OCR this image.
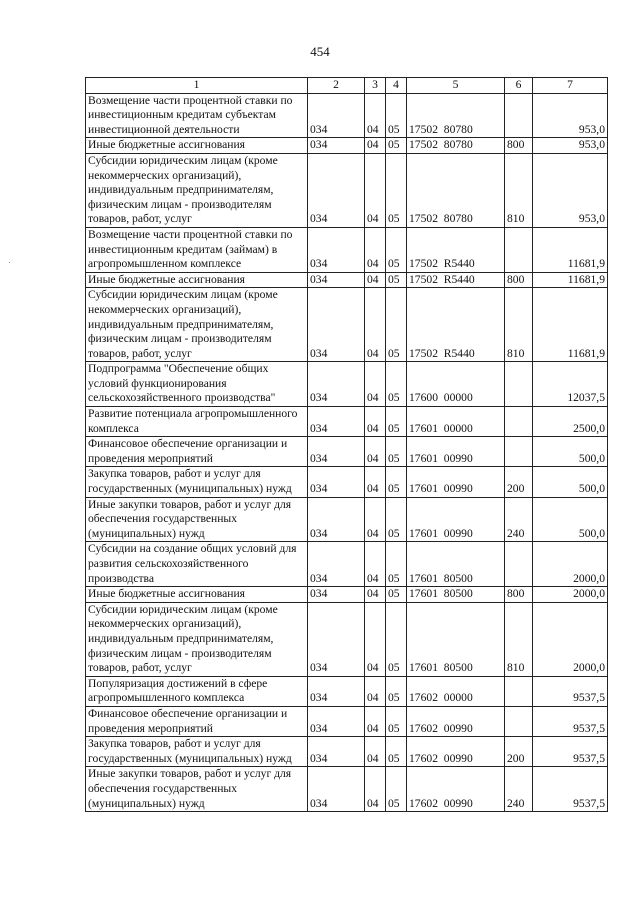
454
1	2	3	4	5	6	7
Возмещение части процентной ставки по инвестиционным кредитам субъектам инвестиционной деятельности	034	04	05	17502  80780		953,0
Иные бюджетные ассигнования	034	04	05	17502  80780	800	953,0
Субсидии юридическим лицам (кроме некоммерческих организаций), индивидуальным предпринимателям, физическим лицам - производителям товаров, работ, услуг	034	04	05	17502  80780	810	953,0
Возмещение части процентной ставки по инвестиционным кредитам (займам) в агропромышленном комплексе	034	04	05	17502  R5440		11681,9
Иные бюджетные ассигнования	034	04	05	17502  R5440	800	11681,9
Субсидии юридическим лицам (кроме некоммерческих организаций), индивидуальным предпринимателям, физическим лицам - производителям товаров, работ, услуг	034	04	05	17502  R5440	810	11681,9
Подпрограмма "Обеспечение общих условий функционирования сельскохозяйственного производства"	034	04	05	17600  00000		12037,5
Развитие потенциала агропромышленного комплекса	034	04	05	17601  00000		2500,0
Финансовое обеспечение организации и проведения мероприятий	034	04	05	17601  00990		500,0
Закупка товаров, работ и услуг для государственных (муниципальных) нужд	034	04	05	17601  00990	200	500,0
Иные закупки товаров, работ и услуг для обеспечения государственных (муниципальных) нужд	034	04	05	17601  00990	240	500,0
Субсидии на создание общих условий для развития сельскохозяйственного производства	034	04	05	17601  80500		2000,0
Иные бюджетные ассигнования	034	04	05	17601  80500	800	2000,0
Субсидии юридическим лицам (кроме некоммерческих организаций), индивидуальным предпринимателям, физическим лицам - производителям товаров, работ, услуг	034	04	05	17601  80500	810	2000,0
Популяризация достижений в сфере агропромышленного комплекса	034	04	05	17602  00000		9537,5
Финансовое обеспечение организации и проведения мероприятий	034	04	05	17602  00990		9537,5
Закупка товаров, работ и услуг для государственных (муниципальных) нужд	034	04	05	17602  00990	200	9537,5
Иные закупки товаров, работ и услуг для обеспечения государственных (муниципальных) нужд	034	04	05	17602  00990	240	9537,5
